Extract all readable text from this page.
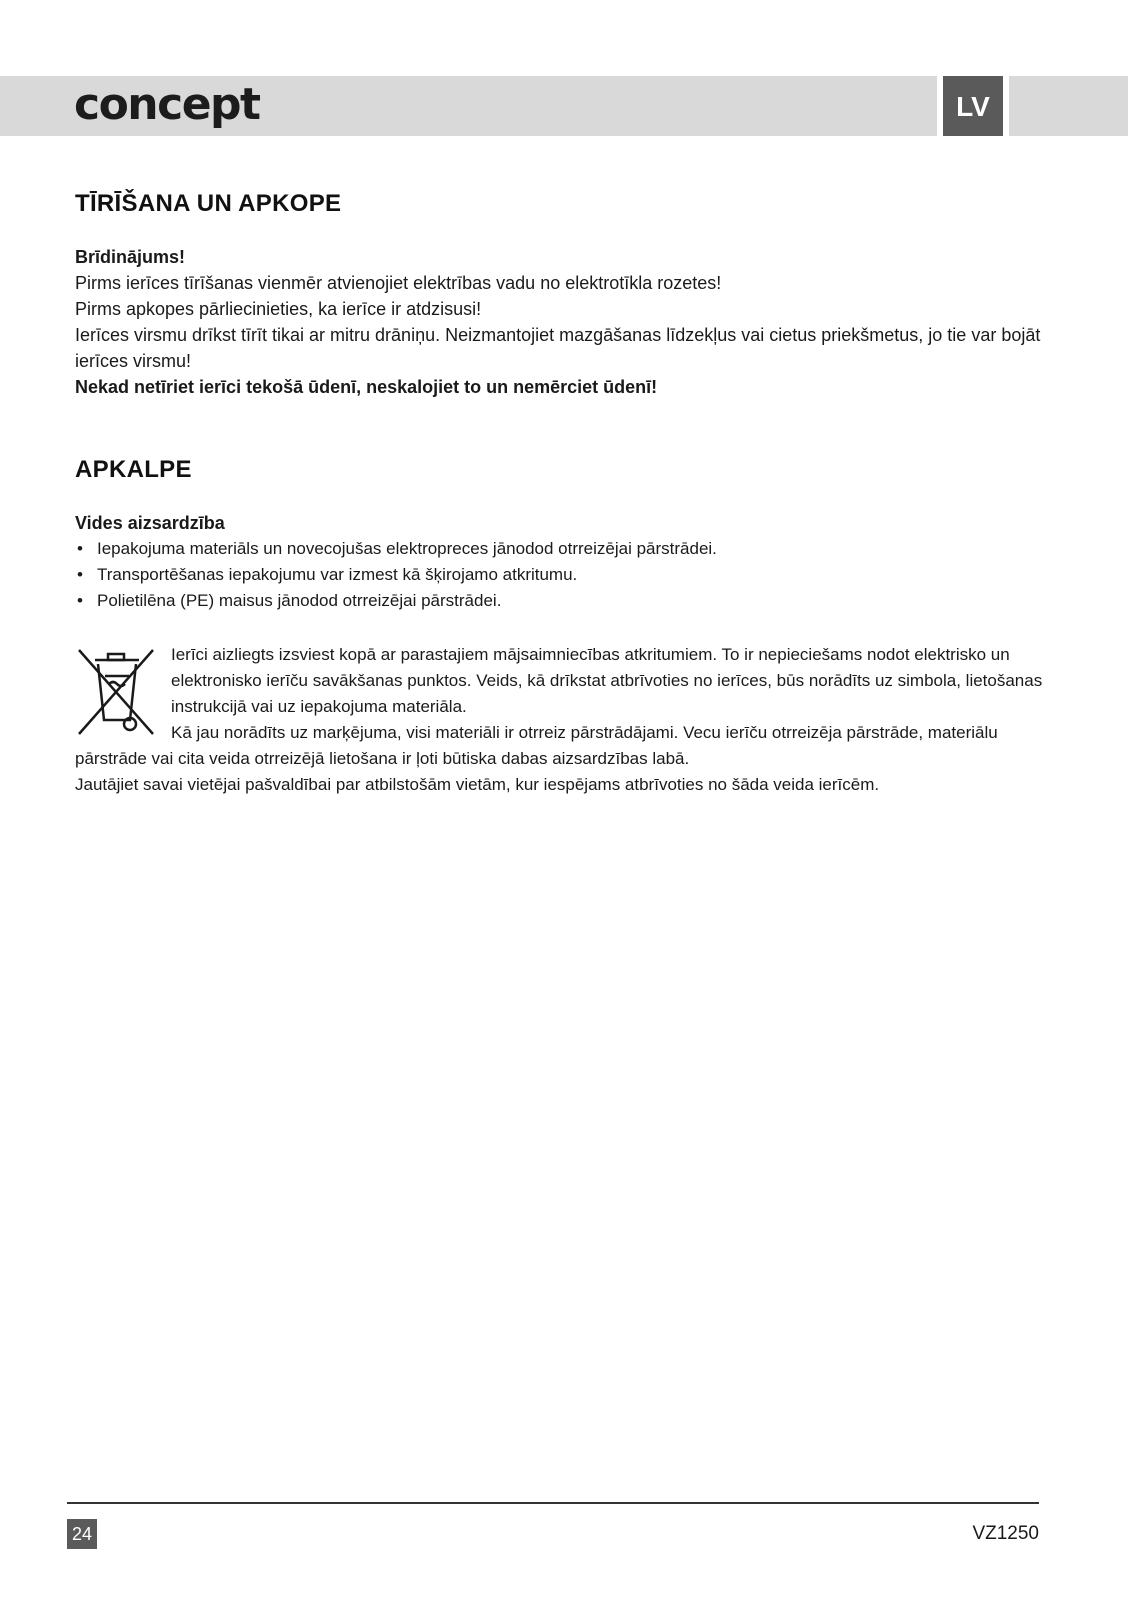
concept	LV
TĪRĪŠANA UN APKOPE
Brīdinājums!

Pirms ierīces tīrīšanas vienmēr atvienojiet elektrības vadu no elektrotīkla rozetes!

Pirms apkopes pārliecinieties, ka ierīce ir atdzisusi!

Ierīces virsmu drīkst tīrīt tikai ar mitru drāniņu. Neizmantojiet mazgāšanas līdzekļus vai cietus priekšmetus, jo tie var bojāt ierīces virsmu!

Nekad netīriet ierīci tekošā ūdenī, neskalojiet to un nemērciet ūdenī!

APKALPE
Vides aizsardzība
• Iepakojuma materiāls un novecojušas elektropreces jānodod otrreizējai pārstrādei.
• Transportēšanas iepakojumu var izmest kā šķirojamo atkritumu.
• Polietilēna (PE) maisus jānodod otrreizējai pārstrādei.

Ierīci aizliegts izsviest kopā ar parastajiem mājsaimniecības atkritumiem. To ir nepieciešams nodot elektrisko un elektronisko ierīču savākšanas punktos. Veids, kā drīkstat atbrīvoties no ierīces, būs norādīts uz simbola, lietošanas instrukcijā vai uz iepakojuma materiāla.

Kā jau norādīts uz marķējuma, visi materiāli ir otrreiz pārstrādājami. Vecu ierīču otrreizēja pārstrāde, materiālu pārstrāde vai cita veida otrreizējā lietošana ir ļoti būtiska dabas aizsardzības labā.

Jautājiet savai vietējai pašvaldībai par atbilstošām vietām, kur iespējams atbrīvoties no šāda veida ierīcēm.

24	VZ1250
